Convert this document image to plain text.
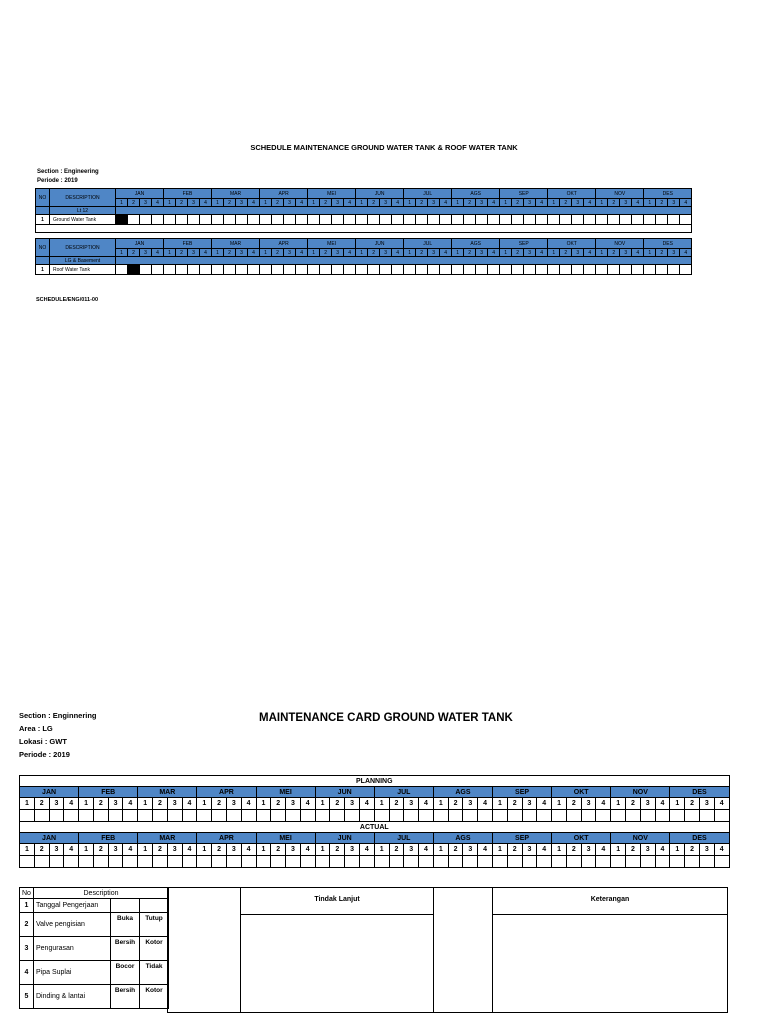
SCHEDULE MAINTENANCE GROUND WATER TANK & ROOF WATER TANK
Section : Engineering
Periode : 2019
NO	DESCRIPTION	JAN				FEB				MAR				APR				MEI				JUN				JUL				AGS				SEP				OKT				NOV				DES			
		1	2	3	4	1	2	3	4	1	2	3	4	1	2	3	4	1	2	3	4	1	2	3	4	1	2	3	4	1	2	3	4	1	2	3	4	1	2	3	4	1	2	3	4	1	2	3	4
	Lt 12																																																
1	Ground Water Tank																																																

NO	DESCRIPTION	JAN				FEB				MAR				APR				MEI				JUN				JUL				AGS				SEP				OKT				NOV				DES			
		1	2	3	4	1	2	3	4	1	2	3	4	1	2	3	4	1	2	3	4	1	2	3	4	1	2	3	4	1	2	3	4	1	2	3	4	1	2	3	4	1	2	3	4	1	2	3	4
	LG & Basement																																																
1	Roof Water Tank																																																
SCHEDULE/ENG/011-00
Section : Enginnering
Area : LG
Lokasi : GWT
Periode : 2019
MAINTENANCE CARD GROUND WATER TANK
PLANNING																																															
JAN				FEB				MAR				APR				MEI				JUN				JUL				AGS				SEP				OKT				NOV				DES			
1	2	3	4	1	2	3	4	1	2	3	4	1	2	3	4	1	2	3	4	1	2	3	4	1	2	3	4	1	2	3	4	1	2	3	4	1	2	3	4	1	2	3	4	1	2	3	4

ACTUAL																																															
JAN				FEB				MAR				APR				MEI				JUN				JUL				AGS				SEP				OKT				NOV				DES			
1	2	3	4	1	2	3	4	1	2	3	4	1	2	3	4	1	2	3	4	1	2	3	4	1	2	3	4	1	2	3	4	1	2	3	4	1	2	3	4	1	2	3	4	1	2	3	4

No	Description		
1	Tanggal Pengerjaan		
2	Valve pengisian	Buka	Tutup
3	Pengurasan	Bersih	Kotor
4	Pipa Suplai	Bocor	Tidak
5	Dinding & lantai	Bersih	Kotor
Tindak Lanjut	Keterangan
